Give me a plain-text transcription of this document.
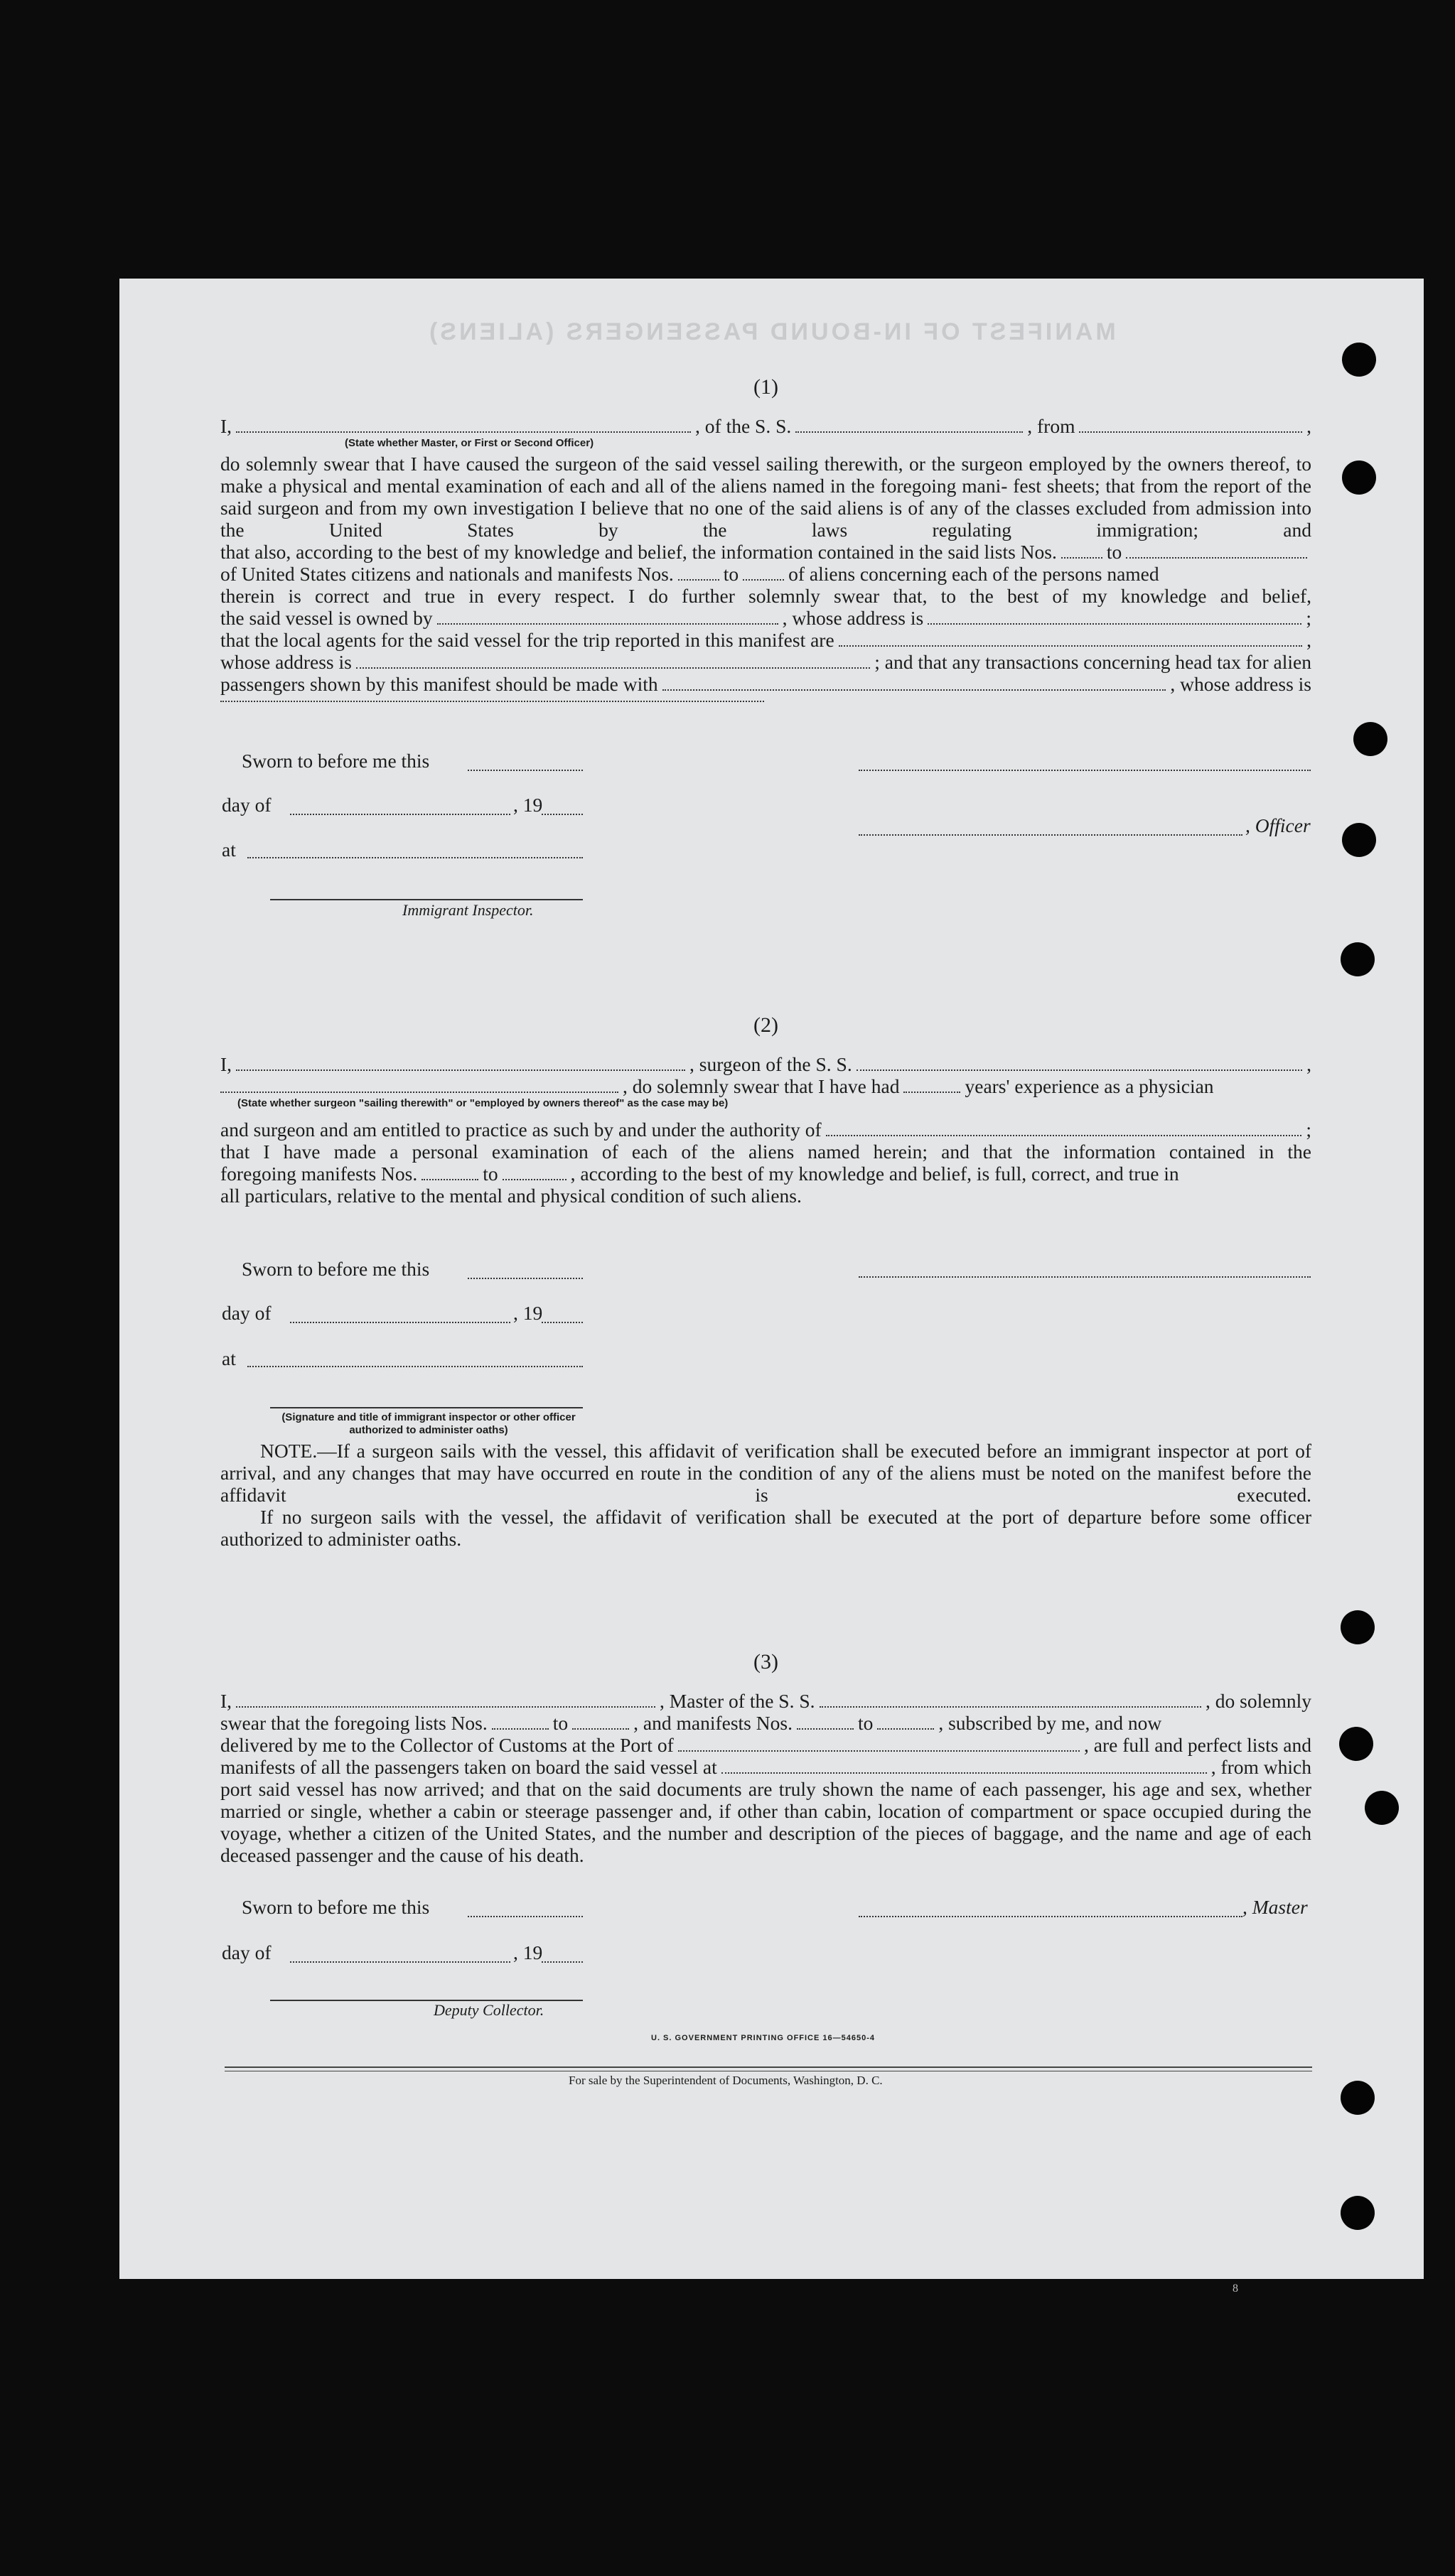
MANIFEST OF IN-BOUND PASSENGERS (ALIENS)
(1)
I,	, of the S. S.	, from	,
(State whether Master, or First or Second Officer)
do solemnly swear that I have caused the surgeon of the said vessel sailing therewith, or the surgeon employed by the owners thereof, to make a physical and mental examination of each and all of the aliens named in the foregoing mani- fest sheets; that from the report of the said surgeon and from my own investigation I believe that no one of the said aliens is of any of the classes excluded from admission into the United States by the laws regulating immigration; and
that also, according to the best of my knowledge and belief, the information contained in the said lists Nos.	to
of United States citizens and nationals and manifests Nos.	to	of aliens concerning each of the persons named
therein is correct and true in every respect. I do further solemnly swear that, to the best of my knowledge and belief,
the said vessel is owned by	, whose address is	;
that the local agents for the said vessel for the trip reported in this manifest are	,
whose address is	; and that any transactions concerning head tax for alien
passengers shown by this manifest should be made with	, whose address is
Sworn to before me this
day of	, 19
, Officer
at
Immigrant Inspector.
(2)
I,	, surgeon of the S. S.	,
, do solemnly swear that I have had	years' experience as a physician
(State whether surgeon "sailing therewith" or "employed by owners thereof" as the case may be)
and surgeon and am entitled to practice as such by and under the authority of	;
that I have made a personal examination of each of the aliens named herein; and that the information contained in the
foregoing manifests Nos.	to	, according to the best of my knowledge and belief, is full, correct, and true in
all particulars, relative to the mental and physical condition of such aliens.
Sworn to before me this
day of	, 19
at
(Signature and title of immigrant inspector or other officer authorized to administer oaths)
NOTE.—If a surgeon sails with the vessel, this affidavit of verification shall be executed before an immigrant inspector at port of arrival, and any changes that may have occurred en route in the condition of any of the aliens must be noted on the manifest before the affidavit is executed.
If no surgeon sails with the vessel, the affidavit of verification shall be executed at the port of departure before some officer authorized to administer oaths.
(3)
I,	, Master of the S. S.	, do solemnly
swear that the foregoing lists Nos.	to	, and manifests Nos.	to	, subscribed by me, and now
delivered by me to the Collector of Customs at the Port of	, are full and perfect lists and
manifests of all the passengers taken on board the said vessel at	, from which
port said vessel has now arrived; and that on the said documents are truly shown the name of each passenger, his age and sex, whether married or single, whether a cabin or steerage passenger and, if other than cabin, location of compartment or space occupied during the voyage, whether a citizen of the United States, and the number and description of the pieces of baggage, and the name and age of each deceased passenger and the cause of his death.
Sworn to before me this	, Master
day of	, 19
Deputy Collector.
U. S. GOVERNMENT PRINTING OFFICE 16—54650-4
For sale by the Superintendent of Documents, Washington, D. C.
8
